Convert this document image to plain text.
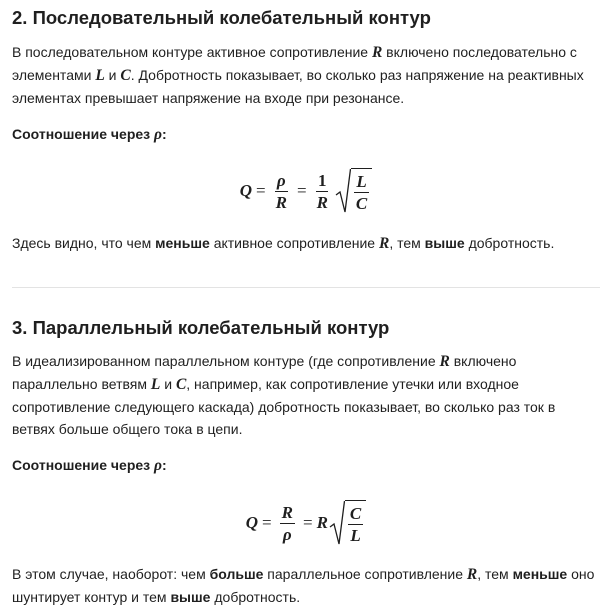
2. Последовательный колебательный контур

В последовательном контуре активное сопротивление R включено последовательно с элементами L и C. Добротность показывает, во сколько раз напряжение на реактивных элементах превышает напряжение на входе при резонансе.

Соотношение через ρ:

$Q = \frac{\rho}{R} = \frac{1}{R} \frac{L}{C}$

Здесь видно, что чем меньше активное сопротивление R, тем выше добротность.

3. Параллельный колебательный контур

В идеализированном параллельном контуре (где сопротивление R включено параллельно ветвям L и C, например, как сопротивление утечки или входное сопротивление следующего каскада) добротность показывает, во сколько раз ток в ветвях больше общего тока в цепи.

Соотношение через ρ:

$Q = \frac{R}{\rho} = R \frac{C}{L}$

В этом случае, наоборот: чем больше параллельное сопротивление R, тем меньше оно шунтирует контур и тем выше добротность.
